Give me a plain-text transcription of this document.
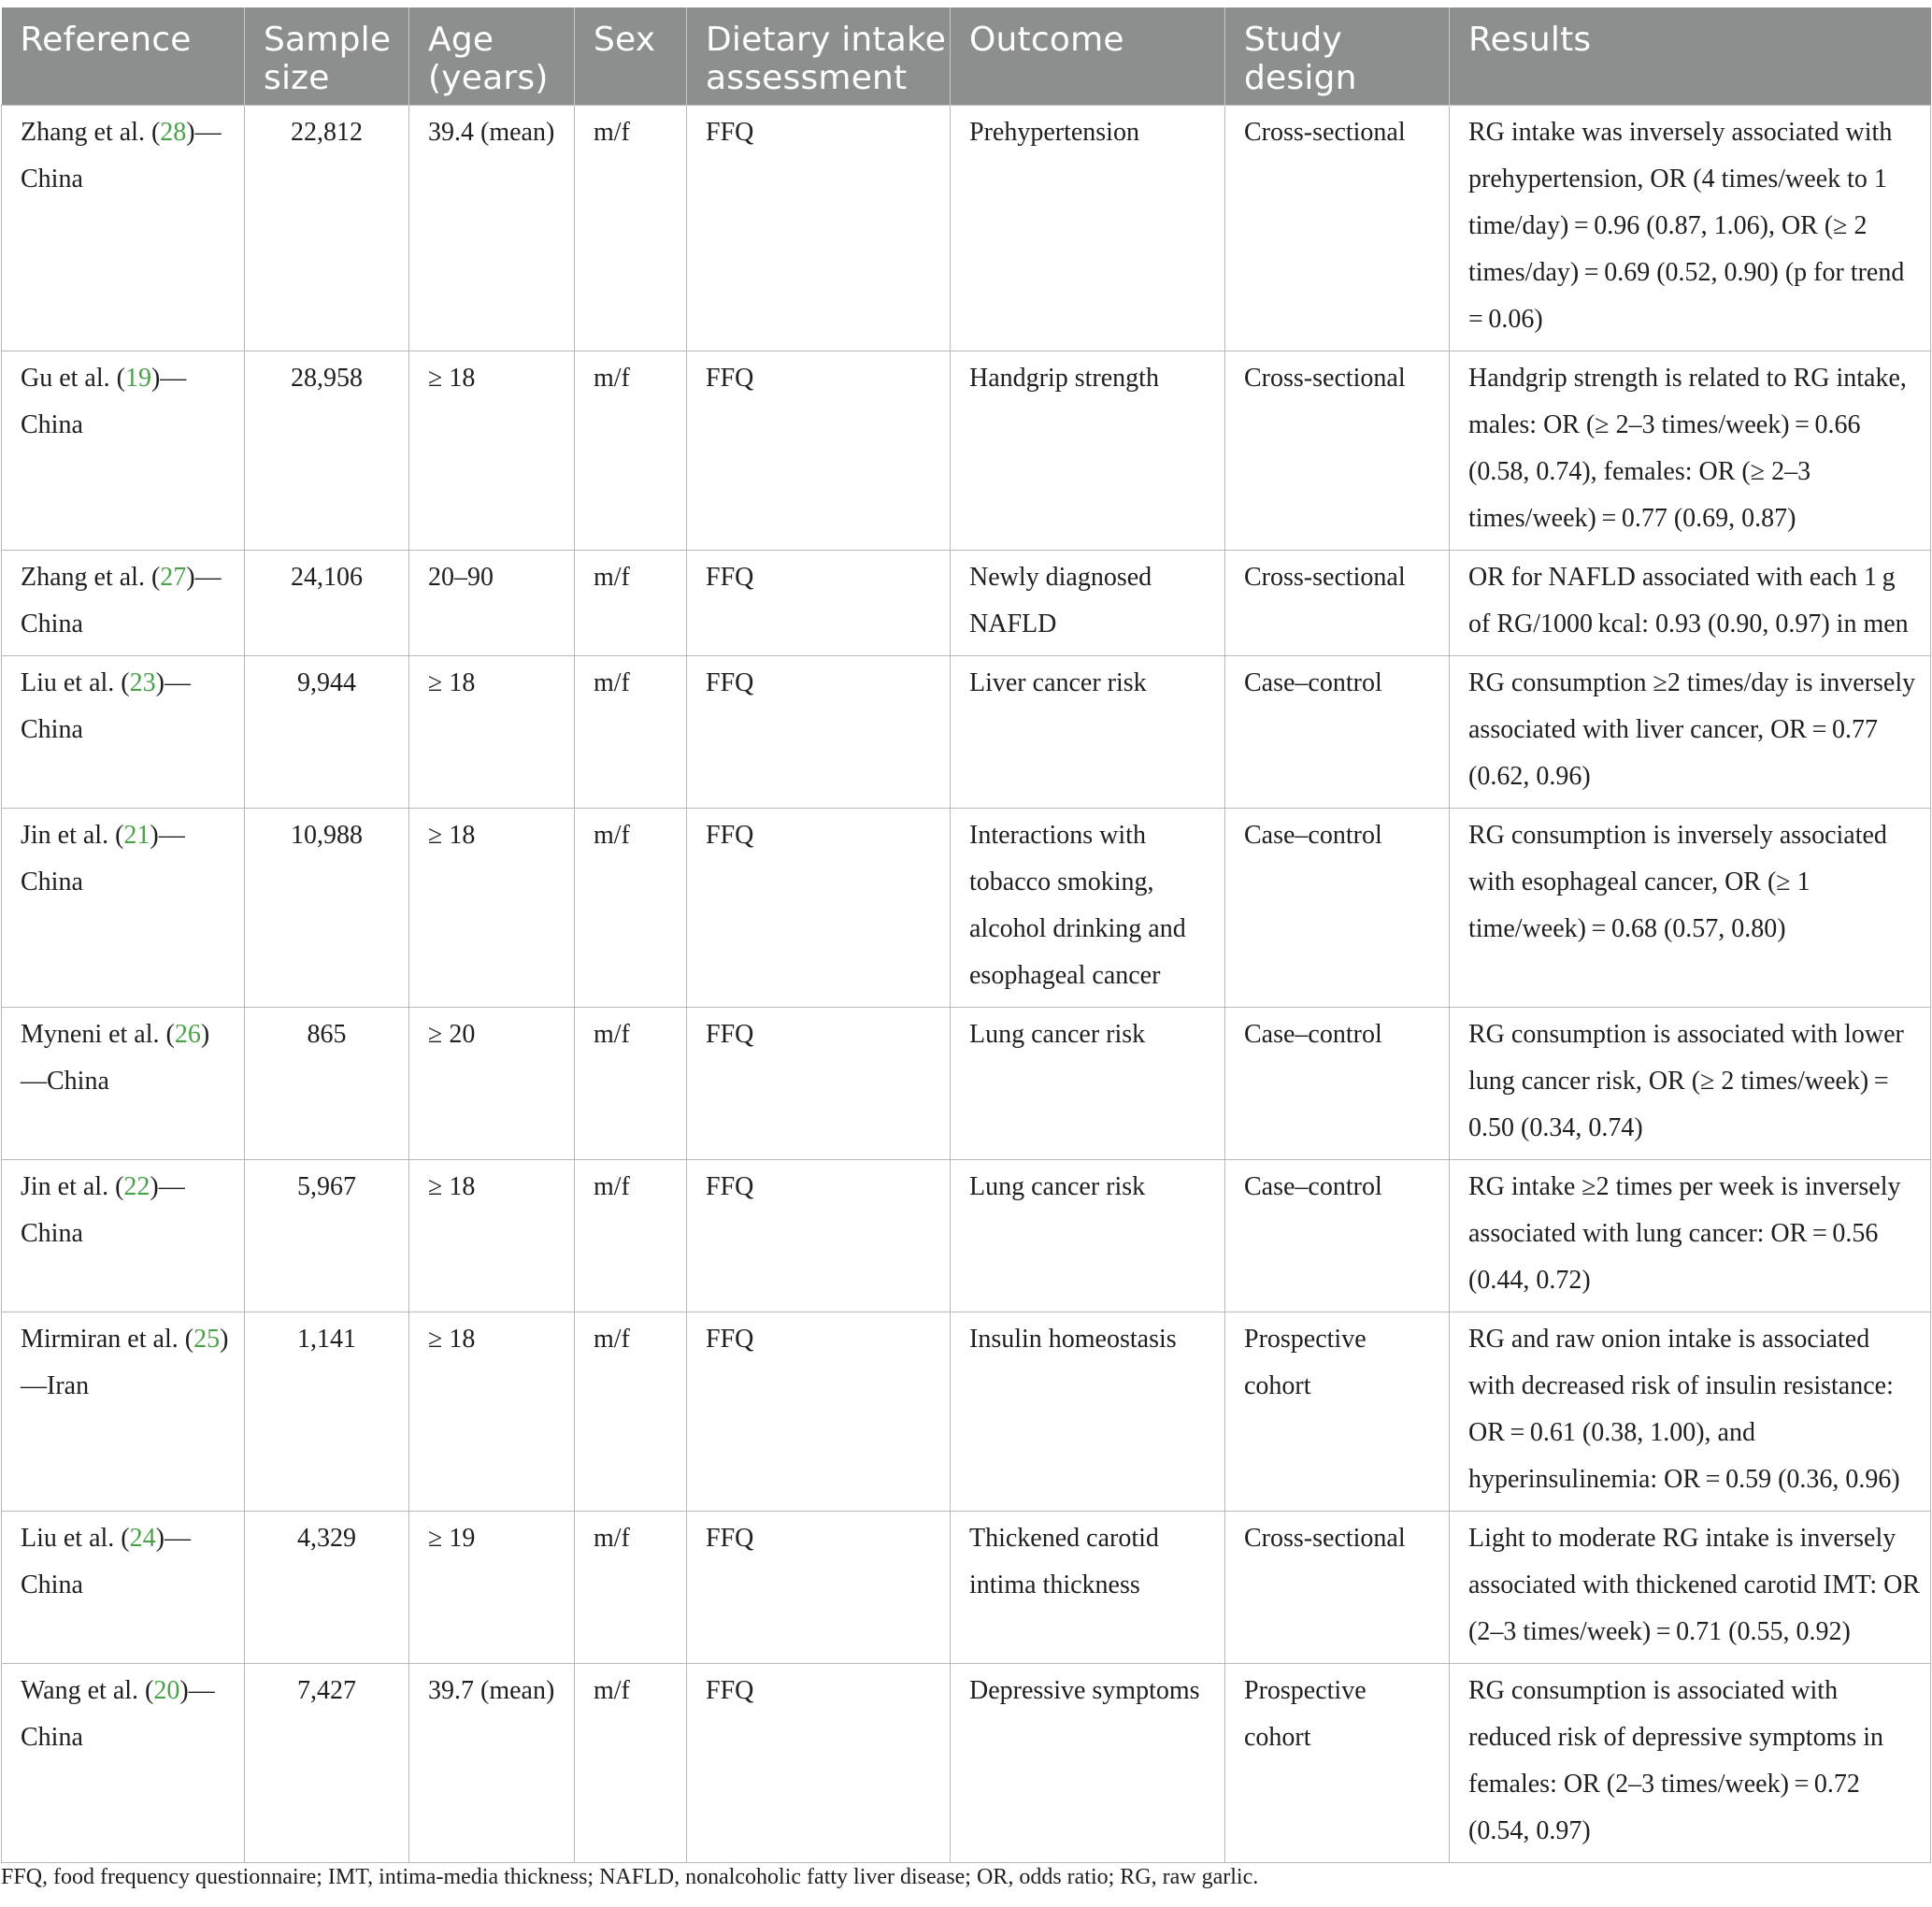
Reference	Sample size	Age (years)	Sex	Dietary intake assessment	Outcome	Study design	Results
Zhang et al. (28)—China	22,812	39.4 (mean)	m/f	FFQ	Prehypertension	Cross-sectional	RG intake was inversely associated with prehypertension, OR (4 times/week to 1 time/day) = 0.96 (0.87, 1.06), OR (≥ 2 times/day) = 0.69 (0.52, 0.90) (p for trend = 0.06)
Gu et al. (19)—China	28,958	≥ 18	m/f	FFQ	Handgrip strength	Cross-sectional	Handgrip strength is related to RG intake, males: OR (≥ 2–3 times/week) = 0.66 (0.58, 0.74), females: OR (≥ 2–3 times/week) = 0.77 (0.69, 0.87)
Zhang et al. (27)—China	24,106	20–90	m/f	FFQ	Newly diagnosed NAFLD	Cross-sectional	OR for NAFLD associated with each 1 g of RG/1000 kcal: 0.93 (0.90, 0.97) in men
Liu et al. (23)—China	9,944	≥ 18	m/f	FFQ	Liver cancer risk	Case–control	RG consumption ≥2 times/day is inversely associated with liver cancer, OR = 0.77 (0.62, 0.96)
Jin et al. (21)—China	10,988	≥ 18	m/f	FFQ	Interactions with tobacco smoking, alcohol drinking and esophageal cancer	Case–control	RG consumption is inversely associated with esophageal cancer, OR (≥ 1 time/week) = 0.68 (0.57, 0.80)
Myneni et al. (26)—China	865	≥ 20	m/f	FFQ	Lung cancer risk	Case–control	RG consumption is associated with lower lung cancer risk, OR (≥ 2 times/week) = 0.50 (0.34, 0.74)
Jin et al. (22)—China	5,967	≥ 18	m/f	FFQ	Lung cancer risk	Case–control	RG intake ≥2 times per week is inversely associated with lung cancer: OR = 0.56 (0.44, 0.72)
Mirmiran et al. (25)—Iran	1,141	≥ 18	m/f	FFQ	Insulin homeostasis	Prospective cohort	RG and raw onion intake is associated with decreased risk of insulin resistance: OR = 0.61 (0.38, 1.00), and hyperinsulinemia: OR = 0.59 (0.36, 0.96)
Liu et al. (24)—China	4,329	≥ 19	m/f	FFQ	Thickened carotid intima thickness	Cross-sectional	Light to moderate RG intake is inversely associated with thickened carotid IMT: OR (2–3 times/week) = 0.71 (0.55, 0.92)
Wang et al. (20)—China	7,427	39.7 (mean)	m/f	FFQ	Depressive symptoms	Prospective cohort	RG consumption is associated with reduced risk of depressive symptoms in females: OR (2–3 times/week) = 0.72 (0.54, 0.97)
FFQ, food frequency questionnaire; IMT, intima-media thickness; NAFLD, nonalcoholic fatty liver disease; OR, odds ratio; RG, raw garlic.
